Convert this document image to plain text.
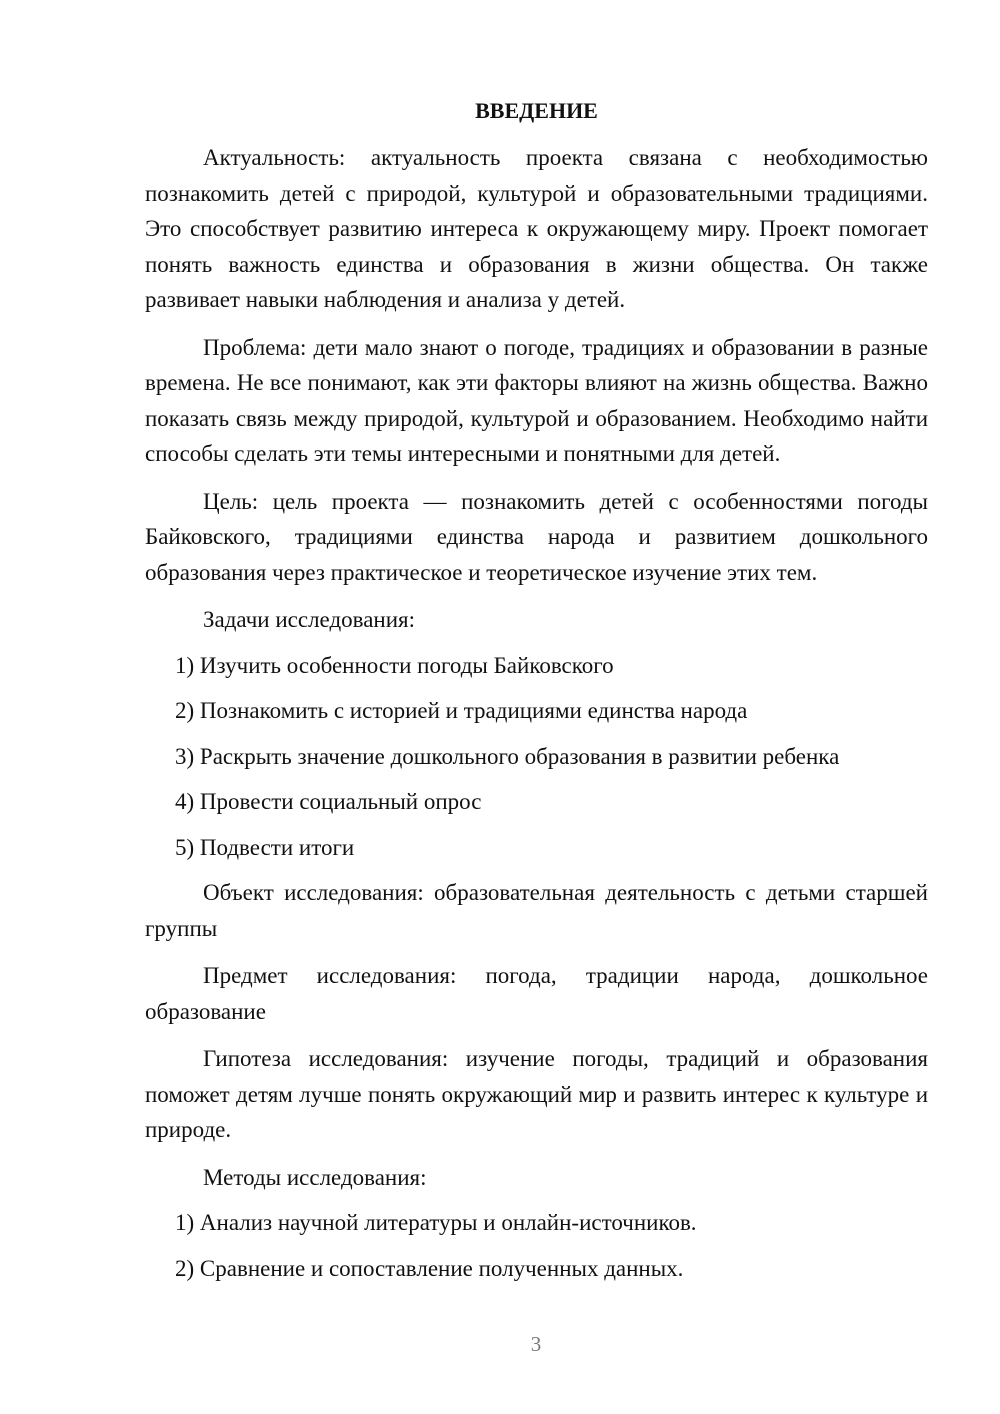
ВВЕДЕНИЕ

Актуальность: актуальность проекта связана с необходимостью познакомить детей с природой, культурой и образовательными традициями. Это способствует развитию интереса к окружающему миру. Проект помогает понять важность единства и образования в жизни общества. Он также развивает навыки наблюдения и анализа у детей.

Проблема: дети мало знают о погоде, традициях и образовании в разные времена. Не все понимают, как эти факторы влияют на жизнь общества. Важно показать связь между природой, культурой и образованием. Необходимо найти способы сделать эти темы интересными и понятными для детей.

Цель: цель проекта — познакомить детей с особенностями погоды Байковского, традициями единства народа и развитием дошкольного образования через практическое и теоретическое изучение этих тем.

Задачи исследования:

1) Изучить особенности погоды Байковского

2) Познакомить с историей и традициями единства народа

3) Раскрыть значение дошкольного образования в развитии ребенка

4) Провести социальный опрос

5) Подвести итоги

Объект исследования: образовательная деятельность с детьми старшей группы

Предмет исследования: погода, традиции народа, дошкольное образование

Гипотеза исследования: изучение погоды, традиций и образования поможет детям лучше понять окружающий мир и развить интерес к культуре и природе.

Методы исследования:

1) Анализ научной литературы и онлайн-источников.

2) Сравнение и сопоставление полученных данных.

3
